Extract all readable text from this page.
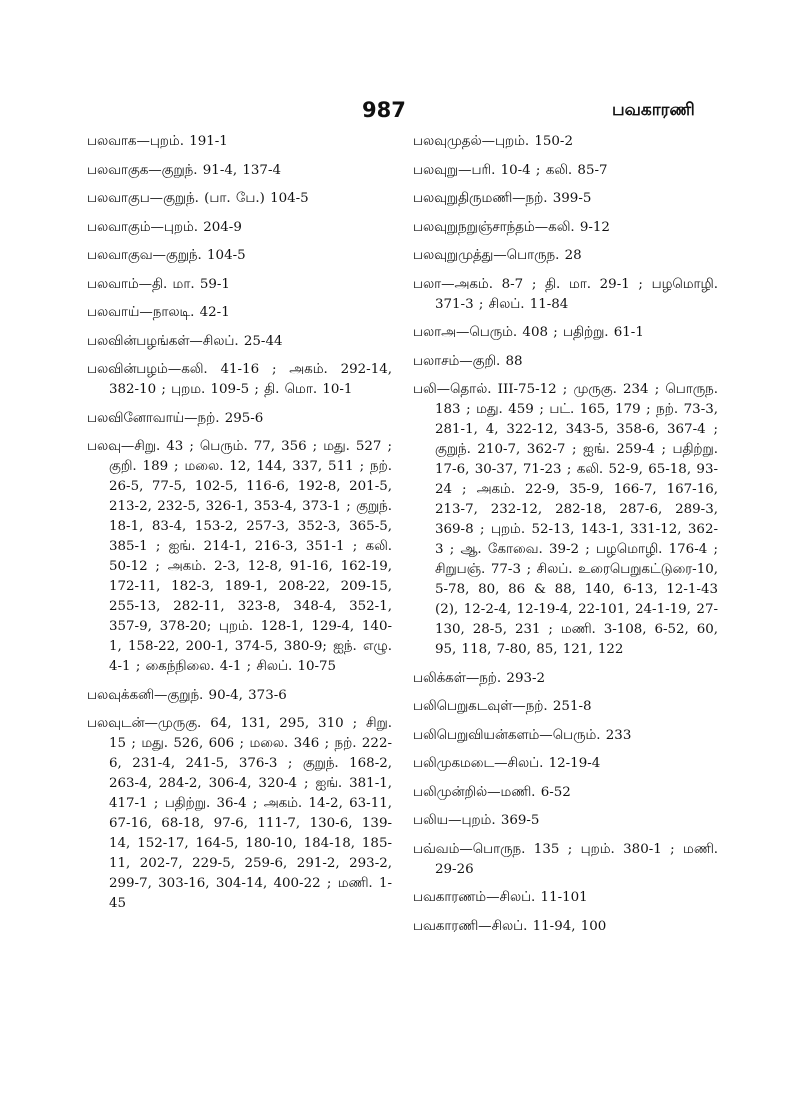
987	பவகாரணி

பலவாக—புறம். 191-1

பலவாகுக—குறுந். 91-4, 137-4

பலவாகுப—குறுந். (பா. பே.) 104-5

பலவாகும்—புறம். 204-9

பலவாகுவ—குறுந். 104-5

பலவாம்—தி. மா. 59-1

பலவாய்—நாலடி. 42-1

பலவின்பழங்கள்—சிலப். 25-44

பலவின்பழம்—கலி. 41-16 ; அகம். 292-14, 382-10 ; புறம. 109-5 ; தி. மொ. 10-1

பலவினோவாய்—நற். 295-6

பலவு—சிறு. 43 ; பெரும். 77, 356 ; மது. 527 ; குறி. 189 ; மலை. 12, 144, 337, 511 ; நற். 26-5, 77-5, 102-5, 116-6, 192-8, 201-5, 213-2, 232-5, 326-1, 353-4, 373-1 ; குறுந். 18-1, 83-4, 153-2, 257-3, 352-3, 365-5, 385-1 ; ஐங். 214-1, 216-3, 351-1 ; கலி. 50-12 ; அகம். 2-3, 12-8, 91-16, 162-19, 172-11, 182-3, 189-1, 208-22, 209-15, 255-13, 282-11, 323-8, 348-4, 352-1, 357-9, 378-20; புறம். 128-1, 129-4, 140-1, 158-22, 200-1, 374-5, 380-9; ஐந். எழு. 4-1 ; கைந்நிலை. 4-1 ; சிலப். 10-75

பலவுக்கனி—குறுந். 90-4, 373-6

பலவுடன்—முருகு. 64, 131, 295, 310 ; சிறு. 15 ; மது. 526, 606 ; மலை. 346 ; நற். 222-6, 231-4, 241-5, 376-3 ; குறுந். 168-2, 263-4, 284-2, 306-4, 320-4 ; ஐங். 381-1, 417-1 ; பதிற்று. 36-4 ; அகம். 14-2, 63-11, 67-16, 68-18, 97-6, 111-7, 130-6, 139-14, 152-17, 164-5, 180-10, 184-18, 185-11, 202-7, 229-5, 259-6, 291-2, 293-2, 299-7, 303-16, 304-14, 400-22 ; மணி. 1-45

பலவுமுதல்—புறம். 150-2

பலவுறு—பரி. 10-4 ; கலி. 85-7

பலவுறுதிருமணி—நற். 399-5

பலவுறுநறுஞ்சாந்தம்—கலி. 9-12

பலவுறுமுத்து—பொருந. 28

பலா—அகம். 8-7 ; தி. மா. 29-1 ; பழமொழி. 371-3 ; சிலப். 11-84

பலாஅ—பெரும். 408 ; பதிற்று. 61-1

பலாசம்—குறி. 88

பலி—தொல். III-75-12 ; முருகு. 234 ; பொருந. 183 ; மது. 459 ; பட். 165, 179 ; நற். 73-3, 281-1, 4, 322-12, 343-5, 358-6, 367-4 ; குறுந். 210-7, 362-7 ; ஐங். 259-4 ; பதிற்று. 17-6, 30-37, 71-23 ; கலி. 52-9, 65-18, 93-24 ; அகம். 22-9, 35-9, 166-7, 167-16, 213-7, 232-12, 282-18, 287-6, 289-3, 369-8 ; புறம். 52-13, 143-1, 331-12, 362-3 ; ஆ. கோவை. 39-2 ; பழமொழி. 176-4 ; சிறுபஞ். 77-3 ; சிலப். உரைபெறுகட்டுரை-10, 5-78, 80, 86 & 88, 140, 6-13, 12-1-43 (2), 12-2-4, 12-19-4, 22-101, 24-1-19, 27-130, 28-5, 231 ; மணி. 3-108, 6-52, 60, 95, 118, 7-80, 85, 121, 122

பலிக்கள்—நற். 293-2

பலிபெறுகடவுள்—நற். 251-8

பலிபெறுவியன்களம்—பெரும். 233

பலிமுகமடை—சிலப். 12-19-4

பலிமுன்றில்—மணி. 6-52

பலிய—புறம். 369-5

பவ்வம்—பொருந. 135 ; புறம். 380-1 ; மணி. 29-26

பவகாரணம்—சிலப். 11-101

பவகாரணி—சிலப். 11-94, 100
